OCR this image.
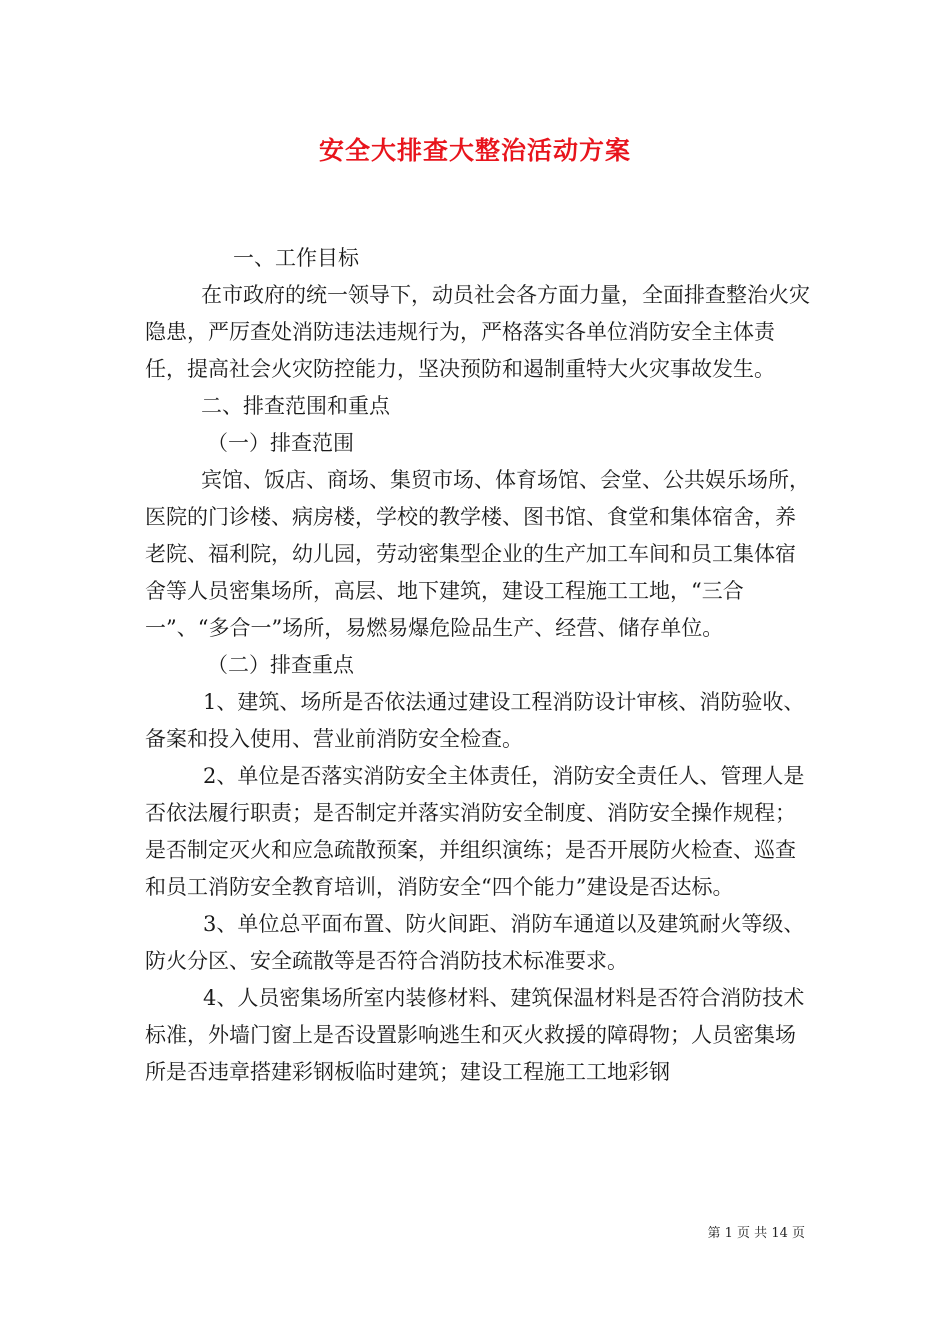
安全大排查大整治活动方案

一、工作目标

在市政府的统一领导下，动员社会各方面力量，全面排查整治火灾隐患，严厉查处消防违法违规行为，严格落实各单位消防安全主体责任，提高社会火灾防控能力，坚决预防和遏制重特大火灾事故发生。

二、排查范围和重点

（一）排查范围

宾馆、饭店、商场、集贸市场、体育场馆、会堂、公共娱乐场所，医院的门诊楼、病房楼，学校的教学楼、图书馆、食堂和集体宿舍，养老院、福利院，幼儿园，劳动密集型企业的生产加工车间和员工集体宿舍等人员密集场所，高层、地下建筑，建设工程施工工地，“三合一”、“多合一”场所，易燃易爆危险品生产、经营、储存单位。

（二）排查重点

1、建筑、场所是否依法通过建设工程消防设计审核、消防验收、备案和投入使用、营业前消防安全检查。

2、单位是否落实消防安全主体责任，消防安全责任人、管理人是否依法履行职责；是否制定并落实消防安全制度、消防安全操作规程；是否制定灭火和应急疏散预案，并组织演练；是否开展防火检查、巡查和员工消防安全教育培训，消防安全“四个能力”建设是否达标。

3、单位总平面布置、防火间距、消防车通道以及建筑耐火等级、防火分区、安全疏散等是否符合消防技术标准要求。

4、人员密集场所室内装修材料、建筑保温材料是否符合消防技术标准，外墙门窗上是否设置影响逃生和灭火救援的障碍物；人员密集场所是否违章搭建彩钢板临时建筑；建设工程施工工地彩钢

第 1 页 共 14 页
